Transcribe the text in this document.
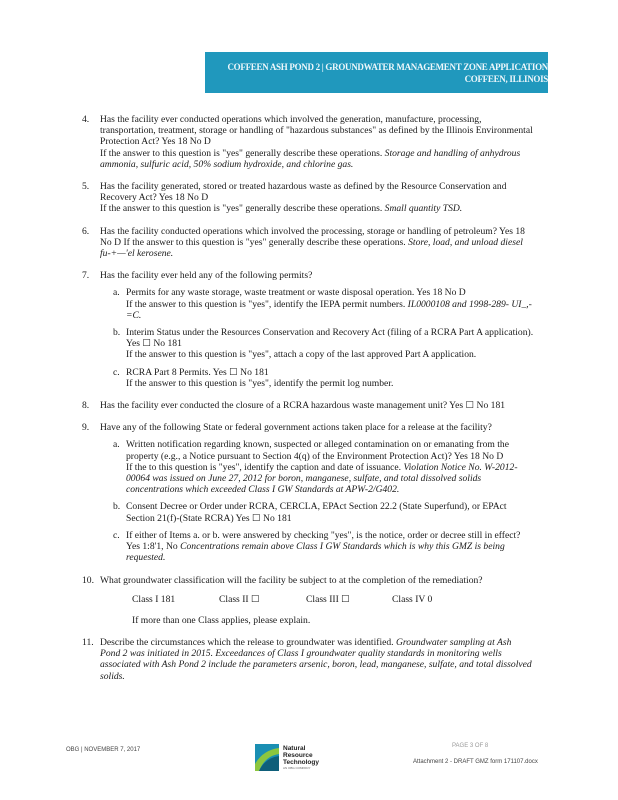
COFFEEN ASH POND 2 | GROUNDWATER MANAGEMENT ZONE APPLICATION
COFFEEN, ILLINOIS
4. Has the facility ever conducted operations which involved the generation, manufacture, processing, transportation, treatment, storage or handling of "hazardous substances" as defined by the Illinois Environmental Protection Act? Yes 18 No D
If the answer to this question is "yes" generally describe these operations. Storage and handling of anhydrous ammonia, sulfuric acid, 50% sodium hydroxide, and chlorine gas.
5. Has the facility generated, stored or treated hazardous waste as defined by the Resource Conservation and Recovery Act? Yes 18 No D
If the answer to this question is "yes" generally describe these operations. Small quantity TSD.
6. Has the facility conducted operations which involved the processing, storage or handling of petroleum? Yes 18 No D If the answer to this question is "yes" generally describe these operations. Store, load, and unload diesel fu-+—'el kerosene.
7. Has the facility ever held any of the following permits?
a. Permits for any waste storage, waste treatment or waste disposal operation. Yes 18 No D
If the answer to this question is "yes", identify the IEPA permit numbers. IL0000108 and 1998-289- UI_,-=C.
b. Interim Status under the Resources Conservation and Recovery Act (filing of a RCRA Part A application). Yes ☐ No 181
If the answer to this question is "yes", attach a copy of the last approved Part A application.
c. RCRA Part 8 Permits. Yes ☐ No 181
If the answer to this question is "yes", identify the permit log number.
8. Has the facility ever conducted the closure of a RCRA hazardous waste management unit? Yes ☐ No 181
9. Have any of the following State or federal government actions taken place for a release at the facility?
a. Written notification regarding known, suspected or alleged contamination on or emanating from the property (e.g., a Notice pursuant to Section 4(q) of the Environment Protection Act)? Yes 18 No D
If the to this question is "yes", identify the caption and date of issuance. Violation Notice No. W-2012-00064 was issued on June 27, 2012 for boron, manganese, sulfate, and total dissolved solids concentrations which exceeded Class I GW Standards at APW-2/G402.
b. Consent Decree or Order under RCRA, CERCLA, EPAct Section 22.2 (State Superfund), or EPAct Section 21(f)-(State RCRA) Yes ☐ No 181
c. If either of Items a. or b. were answered by checking "yes", is the notice, order or decree still in effect? Yes 1:8'1, No Concentrations remain above Class I GW Standards which is why this GMZ is being requested.
10. What groundwater classification will the facility be subject to at the completion of the remediation?
Class I 181	Class II ☐	Class III ☐	Class IV 0
If more than one Class applies, please explain.
11. Describe the circumstances which the release to groundwater was identified. Groundwater sampling at Ash Pond 2 was initiated in 2015. Exceedances of Class I groundwater quality standards in monitoring wells associated with Ash Pond 2 include the parameters arsenic, boron, lead, manganese, sulfate, and total dissolved solids.
OBG | NOVEMBER 7, 2017	Natural
Resource
Technology
AN OBG COMPANY
PAGE 3 OF 8
Attachment 2 - DRAFT GMZ form 171107.docx
